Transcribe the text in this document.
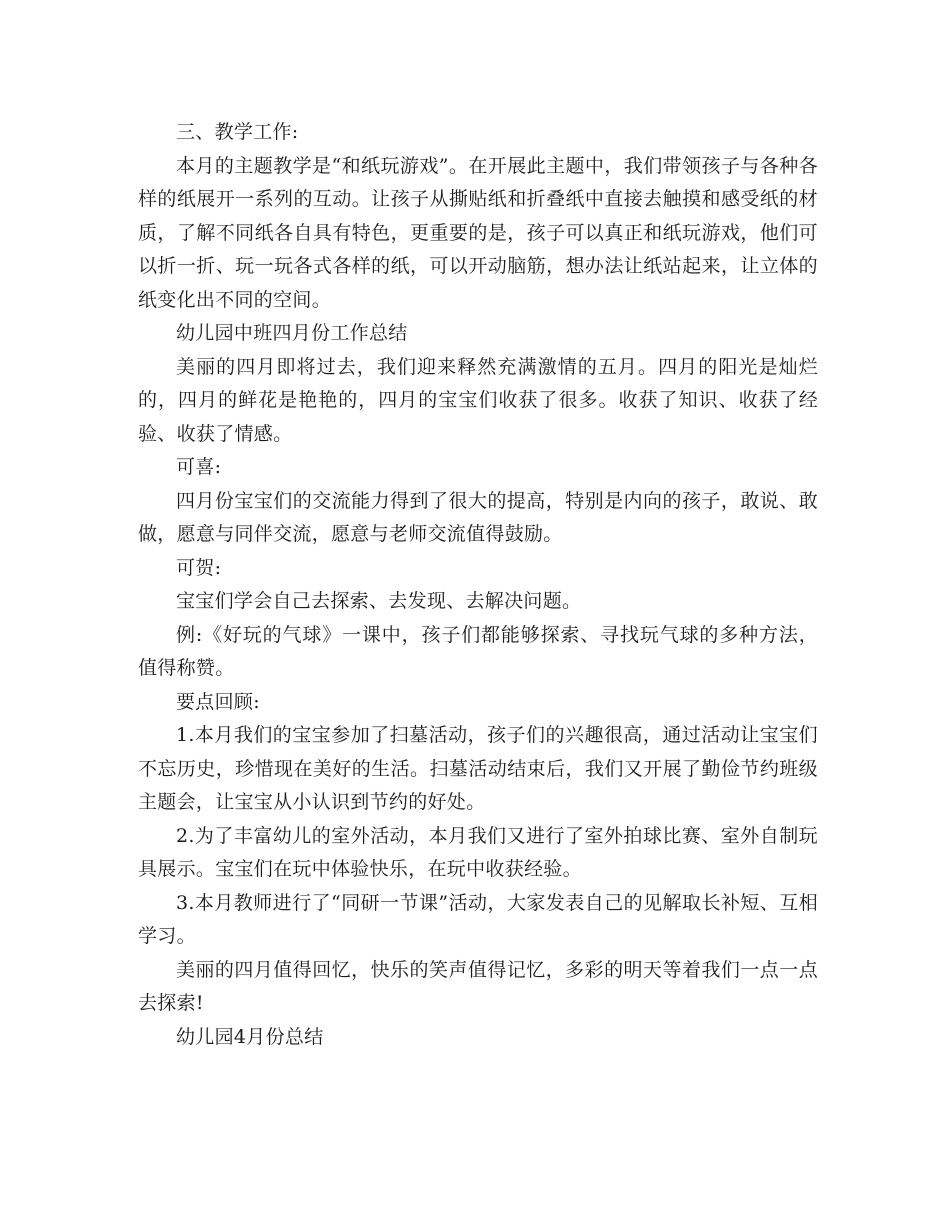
三、教学工作:

本月的主题教学是“和纸玩游戏”。在开展此主题中，我们带领孩子与各种各样的纸展开一系列的互动。让孩子从撕贴纸和折叠纸中直接去触摸和感受纸的材质，了解不同纸各自具有特色，更重要的是，孩子可以真正和纸玩游戏，他们可以折一折、玩一玩各式各样的纸，可以开动脑筋，想办法让纸站起来，让立体的纸变化出不同的空间。

幼儿园中班四月份工作总结

美丽的四月即将过去，我们迎来释然充满激情的五月。四月的阳光是灿烂的，四月的鲜花是艳艳的，四月的宝宝们收获了很多。收获了知识、收获了经验、收获了情感。

可喜:

四月份宝宝们的交流能力得到了很大的提高，特别是内向的孩子，敢说、敢做，愿意与同伴交流，愿意与老师交流值得鼓励。

可贺:

宝宝们学会自己去探索、去发现、去解决问题。

例:《好玩的气球》一课中，孩子们都能够探索、寻找玩气球的多种方法，值得称赞。

要点回顾:

1.本月我们的宝宝参加了扫墓活动，孩子们的兴趣很高，通过活动让宝宝们不忘历史，珍惜现在美好的生活。扫墓活动结束后，我们又开展了勤俭节约班级主题会，让宝宝从小认识到节约的好处。

2.为了丰富幼儿的室外活动，本月我们又进行了室外拍球比赛、室外自制玩具展示。宝宝们在玩中体验快乐，在玩中收获经验。

3.本月教师进行了“同研一节课”活动，大家发表自己的见解取长补短、互相学习。

美丽的四月值得回忆，快乐的笑声值得记忆，多彩的明天等着我们一点一点去探索!

幼儿园4月份总结
